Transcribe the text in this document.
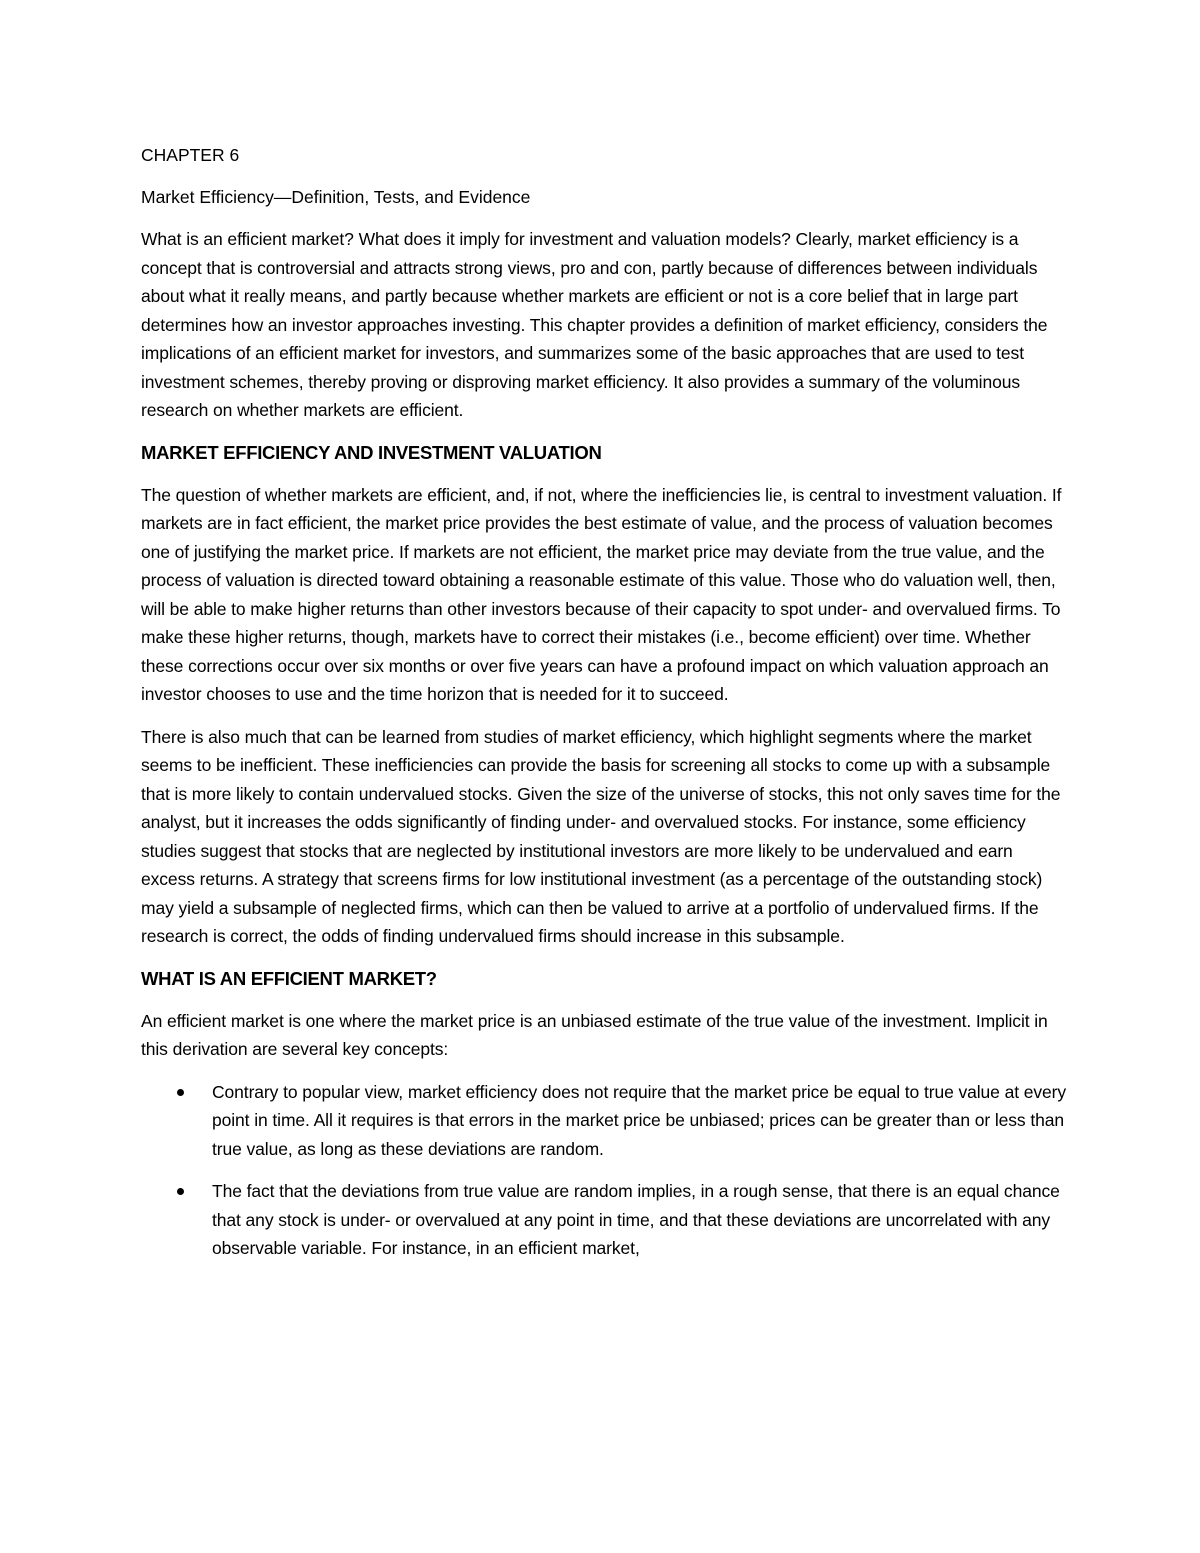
CHAPTER 6
Market Efficiency—Definition, Tests, and Evidence

What is an efficient market? What does it imply for investment and valuation models? Clearly, market efficiency is a concept that is controversial and attracts strong views, pro and con, partly because of differences between individuals about what it really means, and partly because whether markets are efficient or not is a core belief that in large part determines how an investor approaches investing. This chapter provides a definition of market efficiency, considers the implications of an efficient market for investors, and summarizes some of the basic approaches that are used to test investment schemes, thereby proving or disproving market efficiency. It also provides a summary of the voluminous research on whether markets are efficient.

MARKET EFFICIENCY AND INVESTMENT VALUATION

The question of whether markets are efficient, and, if not, where the inefficiencies lie, is central to investment valuation. If markets are in fact efficient, the market price provides the best estimate of value, and the process of valuation becomes one of justifying the market price. If markets are not efficient, the market price may deviate from the true value, and the process of valuation is directed toward obtaining a reasonable estimate of this value. Those who do valuation well, then, will be able to make higher returns than other investors because of their capacity to spot under- and overvalued firms. To make these higher returns, though, markets have to correct their mistakes (i.e., become efficient) over time. Whether these corrections occur over six months or over five years can have a profound impact on which valuation approach an investor chooses to use and the time horizon that is needed for it to succeed.

There is also much that can be learned from studies of market efficiency, which highlight segments where the market seems to be inefficient. These inefficiencies can provide the basis for screening all stocks to come up with a subsample that is more likely to contain undervalued stocks. Given the size of the universe of stocks, this not only saves time for the analyst, but it increases the odds significantly of finding under- and overvalued stocks. For instance, some efficiency studies suggest that stocks that are neglected by institutional investors are more likely to be undervalued and earn excess returns. A strategy that screens firms for low institutional investment (as a percentage of the outstanding stock) may yield a subsample of neglected firms, which can then be valued to arrive at a portfolio of undervalued firms. If the research is correct, the odds of finding undervalued firms should increase in this subsample.

WHAT IS AN EFFICIENT MARKET?

An efficient market is one where the market price is an unbiased estimate of the true value of the investment. Implicit in this derivation are several key concepts:

Contrary to popular view, market efficiency does not require that the market price be equal to true value at every point in time. All it requires is that errors in the market price be unbiased; prices can be greater than or less than true value, as long as these deviations are random.
The fact that the deviations from true value are random implies, in a rough sense, that there is an equal chance that any stock is under- or overvalued at any point in time, and that these deviations are uncorrelated with any observable variable. For instance, in an efficient market,
